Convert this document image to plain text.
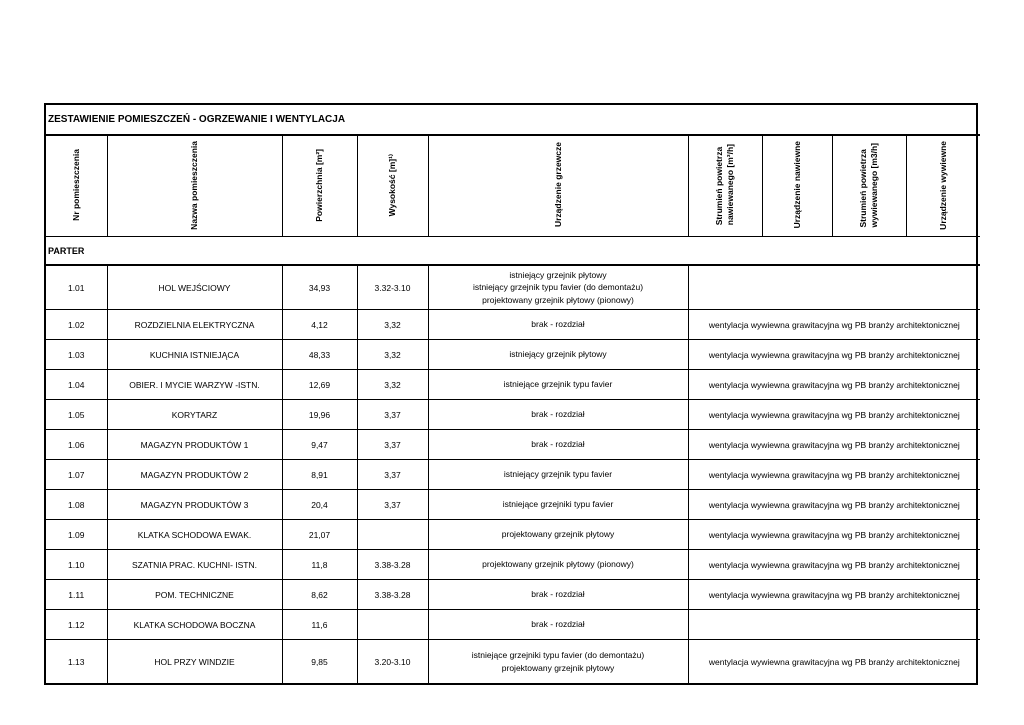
ZESTAWIENIE POMIESZCZEŃ - OGRZEWANIE I WENTYLACJA								
Nr pomieszczenia	Nazwa pomieszczenia	Powierzchnia [m²]	Wysokość [m]¹⁾	Urządzenie grzewcze	Strumień powietrza
nawiewanego [m³/h]	Urządzenie nawiewne	Strumień powietrza
wywiewanego [m3/h]	Urządzenie wywiewne
PARTER								
1.01	HOL WEJŚCIOWY	34,93	3.32-3.10	istniejący grzejnik płytowy
istniejący grzejnik typu favier (do demontażu)
projektowany grzejnik płytowy (pionowy)				
1.02	ROZDZIELNIA ELEKTRYCZNA	4,12	3,32	brak - rozdział	wentylacja wywiewna grawitacyjna wg PB branży architektonicznej			
1.03	KUCHNIA ISTNIEJĄCA	48,33	3,32	istniejący grzejnik płytowy	wentylacja wywiewna grawitacyjna wg PB branży architektonicznej			
1.04	OBIER. I MYCIE WARZYW -ISTN.	12,69	3,32	istniejące grzejnik typu favier	wentylacja wywiewna grawitacyjna wg PB branży architektonicznej			
1.05	KORYTARZ	19,96	3,37	brak - rozdział	wentylacja wywiewna grawitacyjna wg PB branży architektonicznej			
1.06	MAGAZYN PRODUKTÓW 1	9,47	3,37	brak - rozdział	wentylacja wywiewna grawitacyjna wg PB branży architektonicznej			
1.07	MAGAZYN PRODUKTÓW 2	8,91	3,37	istniejący grzejnik typu favier	wentylacja wywiewna grawitacyjna wg PB branży architektonicznej			
1.08	MAGAZYN PRODUKTÓW 3	20,4	3,37	istniejące grzejniki typu favier	wentylacja wywiewna grawitacyjna wg PB branży architektonicznej			
1.09	KLATKA SCHODOWA EWAK.	21,07		projektowany grzejnik płytowy	wentylacja wywiewna grawitacyjna wg PB branży architektonicznej			
1.10	SZATNIA PRAC. KUCHNI- ISTN.	11,8	3.38-3.28	projektowany grzejnik płytowy (pionowy)	wentylacja wywiewna grawitacyjna wg PB branży architektonicznej			
1.11	POM. TECHNICZNE	8,62	3.38-3.28	brak - rozdział	wentylacja wywiewna grawitacyjna wg PB branży architektonicznej			
1.12	KLATKA SCHODOWA BOCZNA	11,6		brak - rozdział				
1.13	HOL PRZY WINDZIE	9,85	3.20-3.10	istniejące grzejniki typu favier (do demontażu)
projektowany grzejnik płytowy	wentylacja wywiewna grawitacyjna wg PB branży architektonicznej			
